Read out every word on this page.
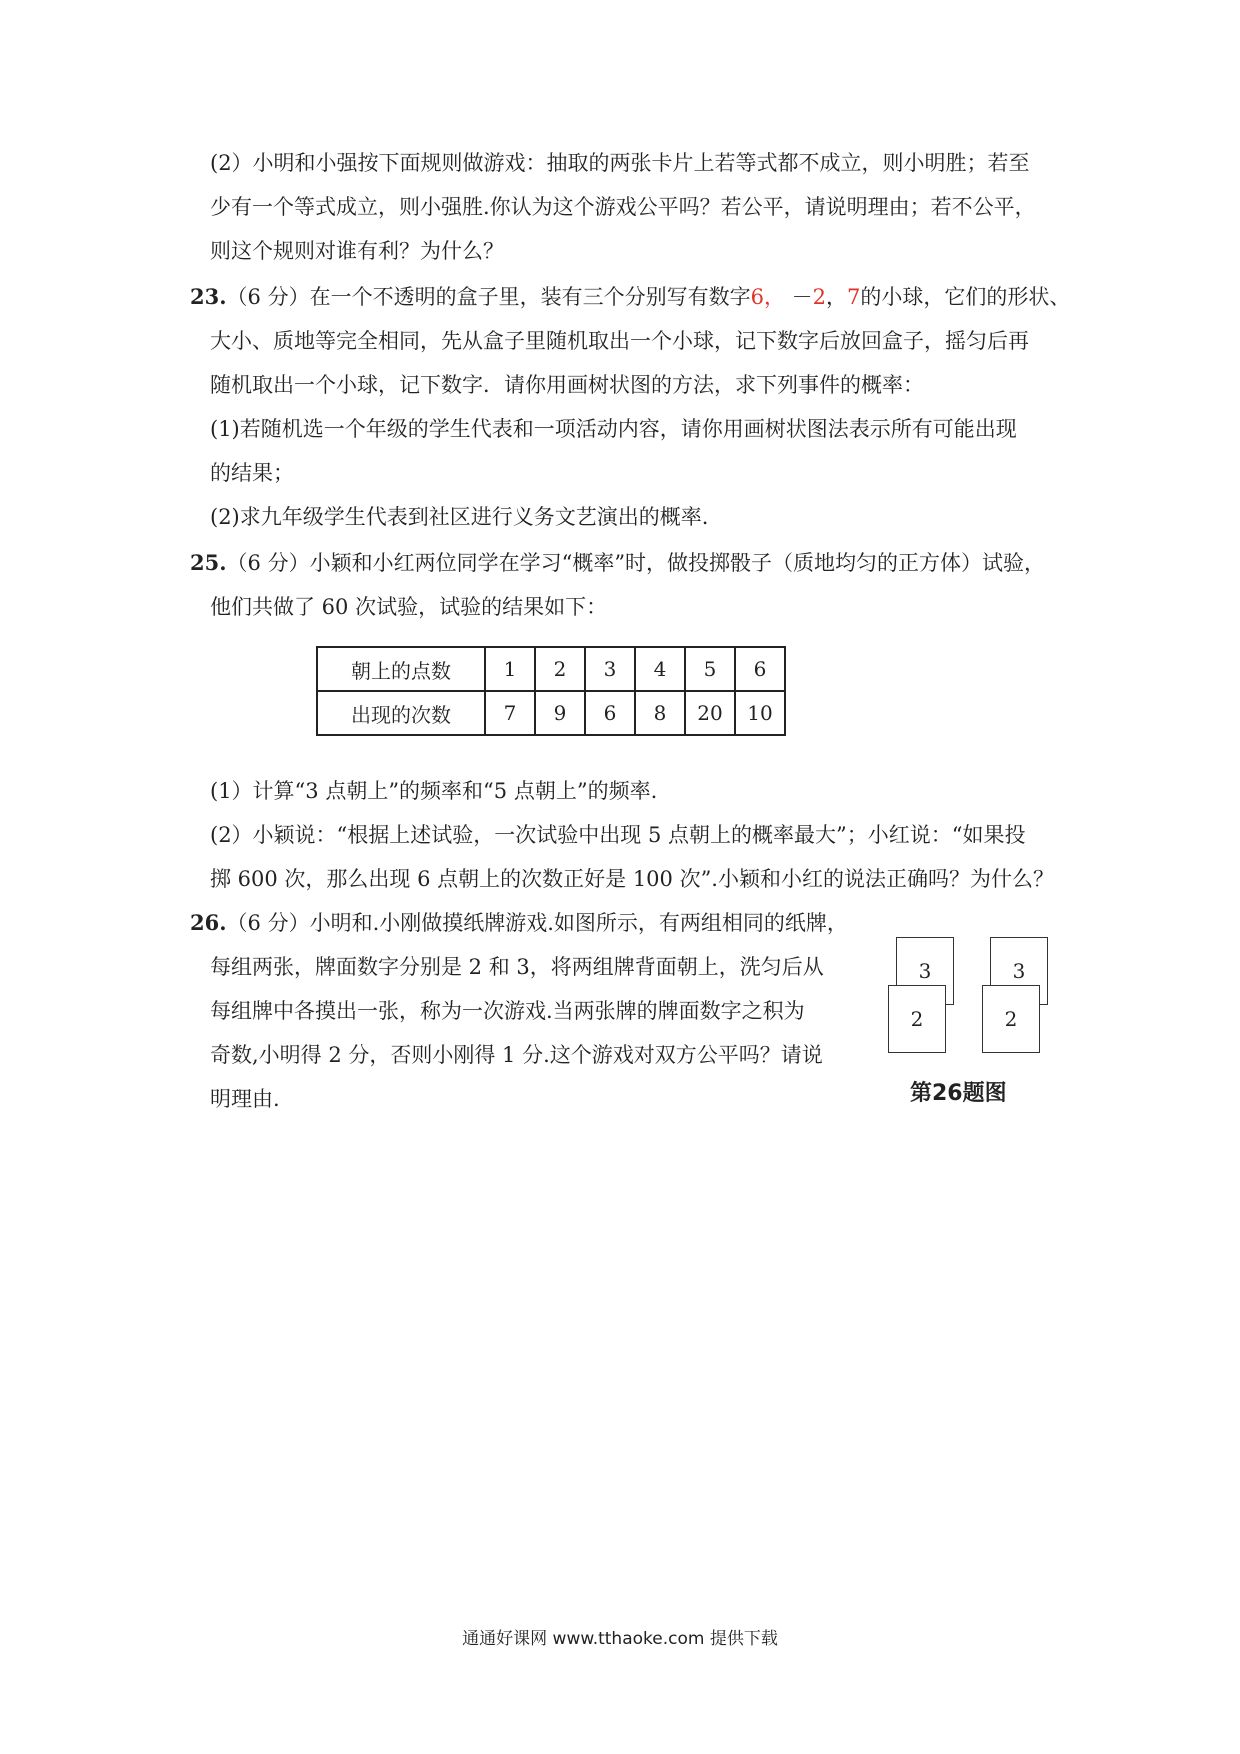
(2）小明和小强按下面规则做游戏：抽取的两张卡片上若等式都不成立，则小明胜；若至
少有一个等式成立，则小强胜.你认为这个游戏公平吗？若公平，请说明理由；若不公平，
则这个规则对谁有利？为什么？
23.（6 分）在一个不透明的盒子里，装有三个分别写有数字6， －2，7的小球，它们的形状、
大小、质地等完全相同，先从盒子里随机取出一个小球，记下数字后放回盒子，摇匀后再
随机取出一个小球，记下数字．请你用画树状图的方法，求下列事件的概率：
(1)若随机选一个年级的学生代表和一项活动内容，请你用画树状图法表示所有可能出现
的结果；
(2)求九年级学生代表到社区进行义务文艺演出的概率.
25.（6 分）小颖和小红两位同学在学习“概率”时，做投掷骰子（质地均匀的正方体）试验，
他们共做了 60 次试验，试验的结果如下：
朝上的点数	1	2	3	4	5	6
出现的次数	7	9	6	8	20	10
(1）计算“3 点朝上”的频率和“5 点朝上”的频率.
(2）小颖说：“根据上述试验，一次试验中出现 5 点朝上的概率最大”；小红说：“如果投
掷 600 次，那么出现 6 点朝上的次数正好是 100 次”.小颖和小红的说法正确吗？为什么？
26.（6 分）小明和.小刚做摸纸牌游戏.如图所示，有两组相同的纸牌，
每组两张，牌面数字分别是 2 和 3，将两组牌背面朝上，洗匀后从
每组牌中各摸出一张，称为一次游戏.当两张牌的牌面数字之积为
奇数,小明得 2 分，否则小刚得 1 分.这个游戏对双方公平吗？请说
明理由.
3
2
3
2
第26题图
通通好课网 www.tthaoke.com 提供下载
